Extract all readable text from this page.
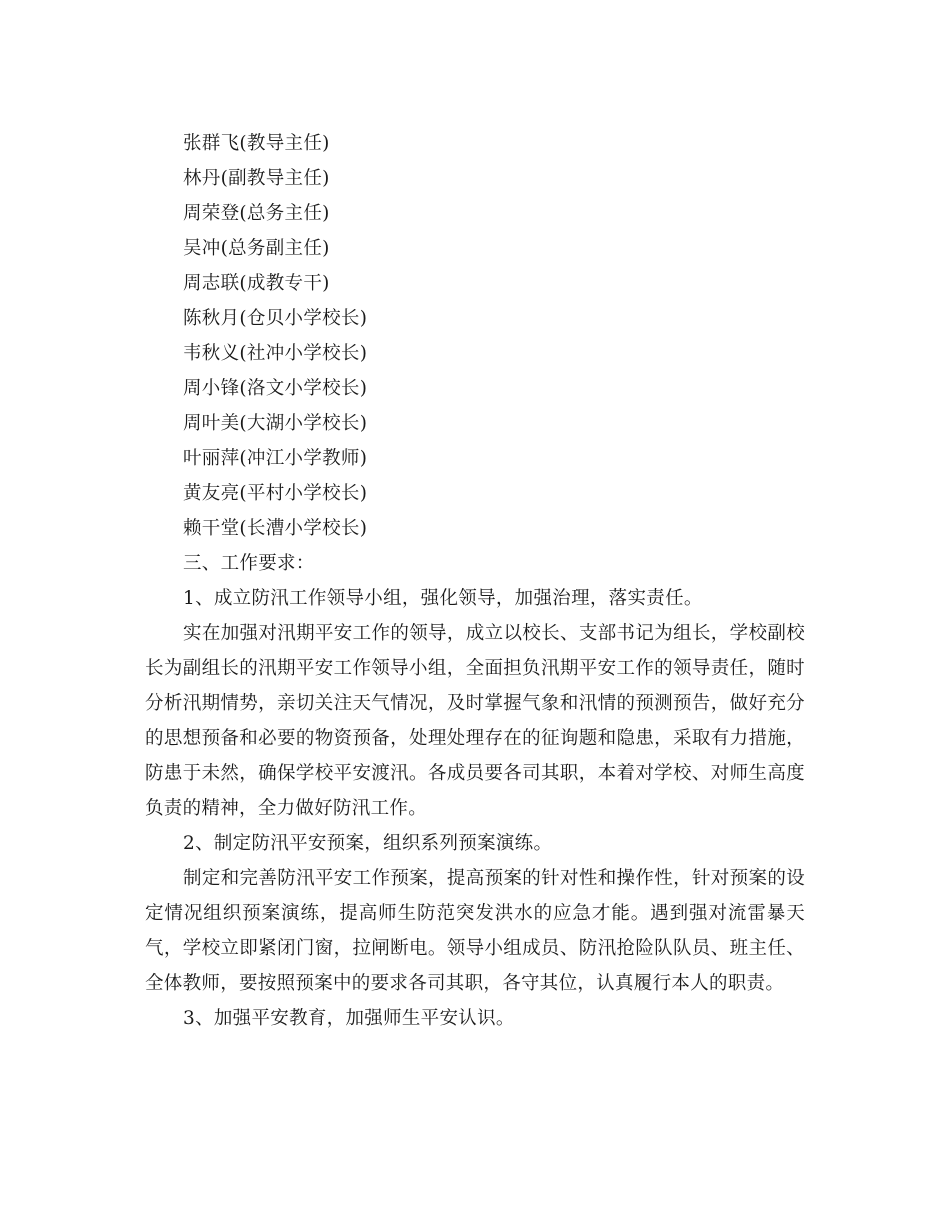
张群飞(教导主任)
林丹(副教导主任)
周荣登(总务主任)
吴冲(总务副主任)
周志联(成教专干)
陈秋月(仓贝小学校长)
韦秋义(社冲小学校长)
周小锋(洛文小学校长)
周叶美(大湖小学校长)
叶丽萍(冲江小学教师)
黄友亮(平村小学校长)
赖干堂(长漕小学校长)
三、工作要求：
1、成立防汛工作领导小组，强化领导，加强治理，落实责任。

实在加强对汛期平安工作的领导，成立以校长、支部书记为组长，学校副校长为副组长的汛期平安工作领导小组，全面担负汛期平安工作的领导责任，随时分析汛期情势，亲切关注天气情况，及时掌握气象和汛情的预测预告，做好充分的思想预备和必要的物资预备，处理处理存在的征询题和隐患，采取有力措施，防患于未然，确保学校平安渡汛。各成员要各司其职，本着对学校、对师生高度负责的精神，全力做好防汛工作。

2、制定防汛平安预案，组织系列预案演练。

制定和完善防汛平安工作预案，提高预案的针对性和操作性，针对预案的设定情况组织预案演练，提高师生防范突发洪水的应急才能。遇到强对流雷暴天气，学校立即紧闭门窗，拉闸断电。领导小组成员、防汛抢险队队员、班主任、全体教师，要按照预案中的要求各司其职，各守其位，认真履行本人的职责。

3、加强平安教育，加强师生平安认识。
